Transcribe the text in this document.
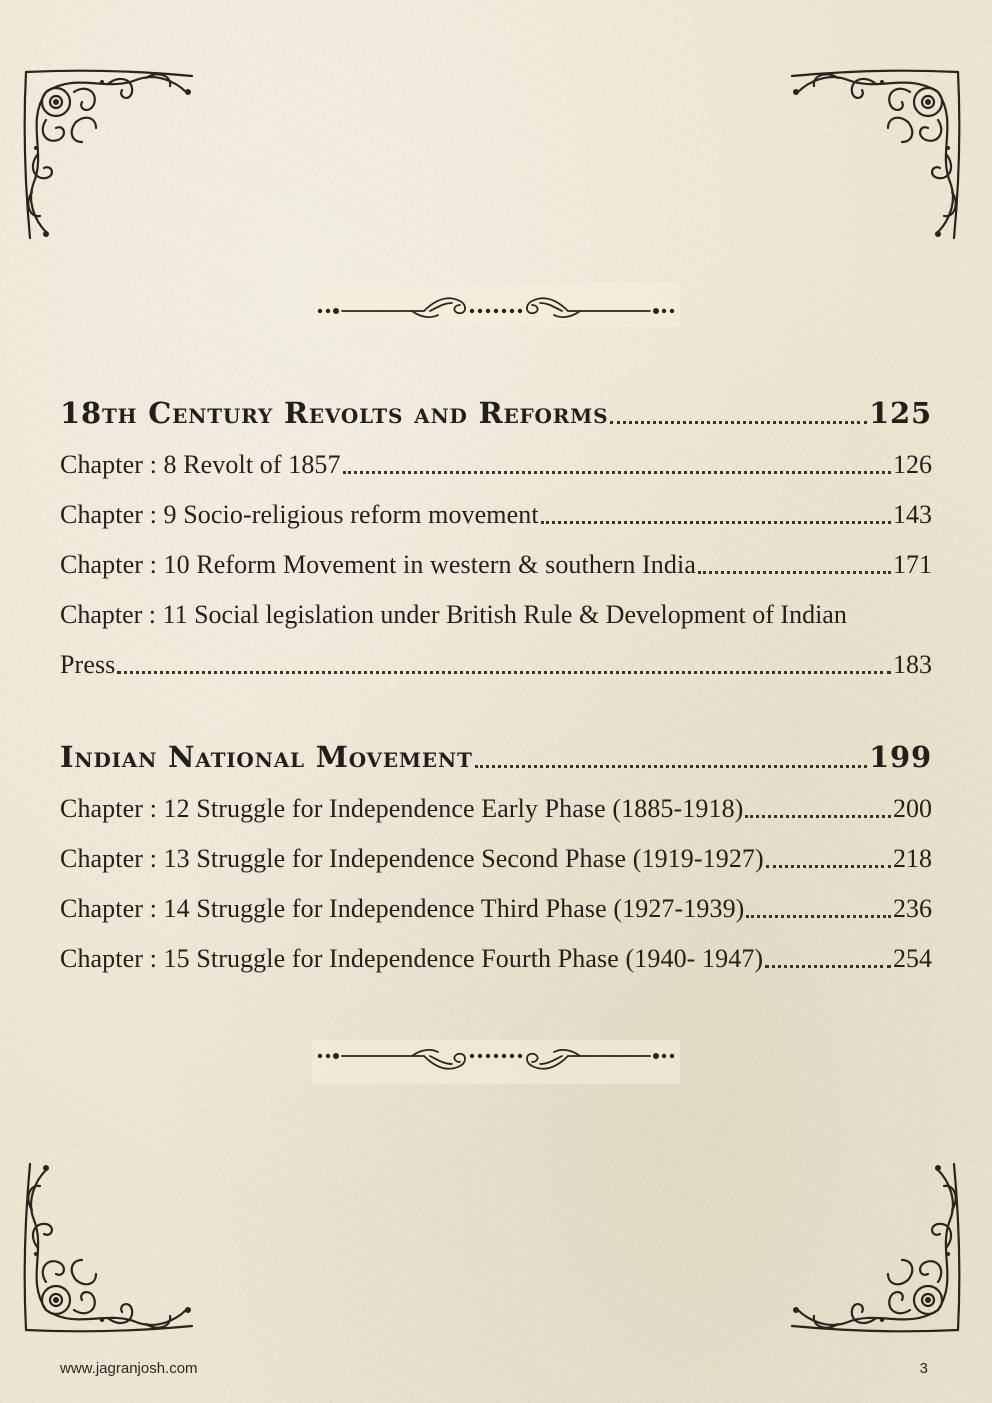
18th Century Revolts and Reforms	125
Chapter : 8 Revolt of 1857	126
Chapter : 9 Socio-religious reform movement	143
Chapter : 10 Reform Movement in western & southern India	171
Chapter : 11 Social legislation under British Rule & Development of Indian
Press	183
Indian National Movement	199
Chapter : 12 Struggle for Independence Early Phase (1885-1918)	200
Chapter : 13 Struggle for Independence Second Phase (1919-1927)	218
Chapter : 14 Struggle for Independence Third Phase (1927-1939)	236
Chapter : 15 Struggle for Independence Fourth Phase (1940- 1947)	254
www.jagranjosh.com	3
